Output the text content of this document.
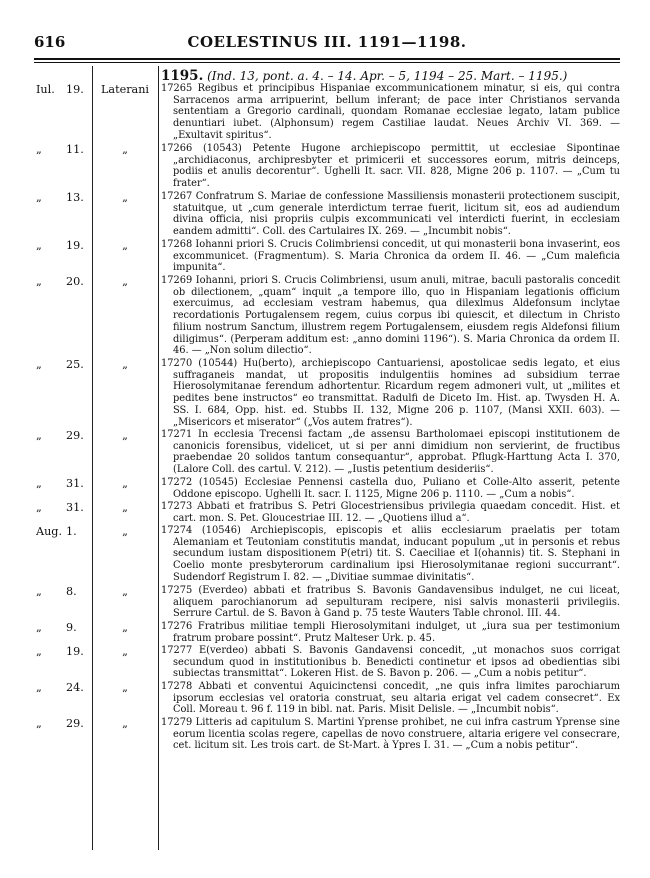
616	COELESTINUS III. 1191—1198.
1195. (Ind. 13, pont. a. 4. – 14. Apr. – 5, 1194 – 25. Mart. – 1195.)
Iul. 19.	Laterani	17265 Regibus et principibus Hispaniae excommunicationem minatur, si eis, qui contra Sarracenos arma arripuerint, bellum inferant; de pace inter Christianos servanda sententiam a Gregorio cardinali, quondam Romanae ecclesiae legato, latam publice denuntiari iubet. (Alphonsum) regem Castiliae laudat. Neues Archiv VI. 369. — „Exultavit spiritus“.
„ 11.	„	17266 (10543) Petente Hugone archiepiscopo permittit, ut ecclesiae Sipontinae „archidiaconus, archipresbyter et primicerii et successores eorum, mitris deinceps, podiis et anulis decorentur“. Ughelli It. sacr. VII. 828, Migne 206 p. 1107. — „Cum tu frater“.
„ 13.	„	17267 Confratrum S. Mariae de confessione Massiliensis monasterii protectionem suscipit, statuitque, ut „cum generale interdictum terrae fuerit, licitum sit, eos ad audiendum divina officia, nisi propriis culpis excommunicati vel interdicti fuerint, in ecclesiam eandem admitti“. Coll. des Cartulaires IX. 269. — „Incumbit nobis“.
„ 19.	„	17268 Iohanni priori S. Crucis Colimbriensi concedit, ut qui monasterii bona invaserint, eos excommunicet. (Fragmentum). S. Maria Chronica da ordem II. 46. — „Cum maleficia impunita“.
„ 20.	„	17269 Iohanni, priori S. Crucis Colimbriensi, usum anuli, mitrae, baculi pastoralis concedit ob dilectionem, „quam“ inquit „a tempore illo, quo in Hispaniam legationis officium exercuimus, ad ecclesiam vestram habemus, qua dilexlmus Aldefonsum inclytae recordationis Portugalensem regem, cuius corpus ibi quiescit, et dilectum in Christo filium nostrum Sanctum, illustrem regem Portugalensem, eiusdem regis Aldefonsi filium diligimus“. (Perperam additum est: „anno domini 1196“). S. Maria Chronica da ordem II. 46. — „Non solum dilectio“.
„ 25.	„	17270 (10544) Hu(berto), archiepiscopo Cantuariensi, apostolicae sedis legato, et eius suffraganeis mandat, ut propositis indulgentiis homines ad subsidium terrae Hierosolymitanae ferendum adhortentur. Ricardum regem admoneri vult, ut „milites et pedites bene instructos“ eo transmittat. Radulfi de Diceto Im. Hist. ap. Twysden H. A. SS. I. 684, Opp. hist. ed. Stubbs II. 132, Migne 206 p. 1107, (Mansi XXII. 603). — „Misericors et miserator“ („Vos autem fratres“).
„ 29.	„	17271 In ecclesia Trecensi factam „de assensu Bartholomaei episcopi institutionem de canonicis forensibus, videlicet, ut si per anni dimidium non servierint, de fructibus praebendae 20 solidos tantum consequantur“, approbat. Pflugk-Harttung Acta I. 370, (Lalore Coll. des cartul. V. 212). — „Iustis petentium desideriis“.
„ 31.	„	17272 (10545) Ecclesiae Pennensi castella duo, Puliano et Colle-Alto asserit, petente Oddone episcopo. Ughelli It. sacr. I. 1125, Migne 206 p. 1110. — „Cum a nobis“.
„ 31.	„	17273 Abbati et fratribus S. Petri Glocestriensibus privilegia quaedam concedit. Hist. et cart. mon. S. Pet. Gloucestriae III. 12. — „Quotiens illud a“.
Aug. 1.	„	17274 (10546) Archiepiscopis, episcopis et aliis ecclesiarum praelatis per totam Alemaniam et Teutoniam constitutis mandat, inducant populum „ut in personis et rebus secundum iustam dispositionem P(etri) tit. S. Caeciliae et I(ohannis) tit. S. Stephani in Coelio monte presbyterorum cardinalium ipsi Hierosolymitanae regioni succurrant“. Sudendorf Registrum I. 82. — „Divitiae summae divinitatis“.
„ 8.	„	17275 (Everdeo) abbati et fratribus S. Bavonis Gandavensibus indulget, ne cui liceat, aliquem parochianorum ad sepulturam recipere, nisi salvis monasterii privilegiis. Serrure Cartul. de S. Bavon à Gand p. 75 teste Wauters Table chronol. III. 44.
„ 9.	„	17276 Fratribus militiae templi Hierosolymitani indulget, ut „iura sua per testimonium fratrum probare possint“. Prutz Malteser Urk. p. 45.
„ 19.	„	17277 E(verdeo) abbati S. Bavonis Gandavensi concedit, „ut monachos suos corrigat secundum quod in institutionibus b. Benedicti continetur et ipsos ad obedientias sibi subiectas transmittat“. Lokeren Hist. de S. Bavon p. 206. — „Cum a nobis petitur“.
„ 24.	„	17278 Abbati et conventui Aquicinctensi concedit, „ne quis infra limites parochiarum ipsorum ecclesias vel oratoria construat, seu altaria erigat vel cadem consecret“. Ex Coll. Moreau t. 96 f. 119 in bibl. nat. Paris. Misit Delisle. — „Incumbit nobis“.
„ 29.	„	17279 Litteris ad capitulum S. Martini Yprense prohibet, ne cui infra castrum Yprense sine eorum licentia scolas regere, capellas de novo construere, altaria erigere vel consecrare, cet. licitum sit. Les trois cart. de St-Mart. à Ypres I. 31. — „Cum a nobis petitur“.
